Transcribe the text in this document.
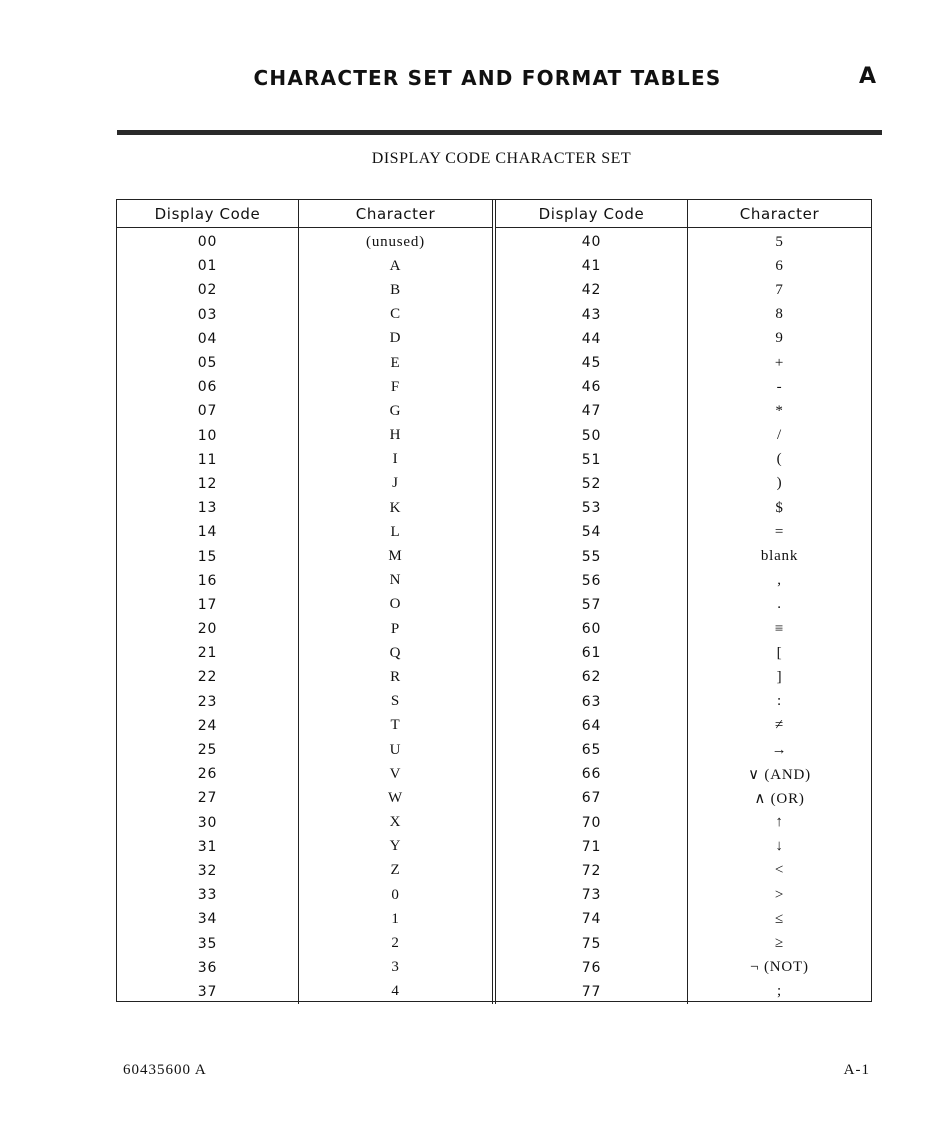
CHARACTER SET AND FORMAT TABLES	A
DISPLAY CODE CHARACTER SET
Display Code	Character	Display Code	Character
00	(unused)	40	5
01	A	41	6
02	B	42	7
03	C	43	8
04	D	44	9
05	E	45	+
06	F	46	-
07	G	47	*
10	H	50	/
11	I	51	(
12	J	52	)
13	K	53	$
14	L	54	=
15	M	55	blank
16	N	56	,
17	O	57	.
20	P	60	≡
21	Q	61	[
22	R	62	]
23	S	63	:
24	T	64	≠
25	U	65	→
26	V	66	∨ (AND)
27	W	67	∧ (OR)
30	X	70	↑
31	Y	71	↓
32	Z	72	<
33	0	73	>
34	1	74	≤
35	2	75	≥
36	3	76	¬ (NOT)
37	4	77	;
60435600 A	A-1
